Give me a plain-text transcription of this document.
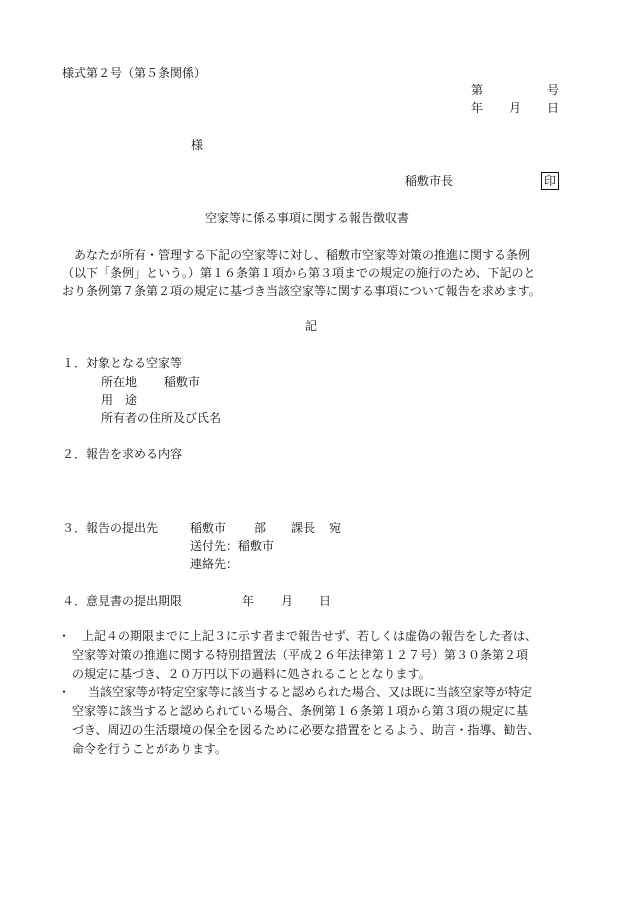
様式第２号（第５条関係）
第	号
年 月 日
様
稲敷市長	印
空家等に係る事項に関する報告徴収書
　あなたが所有・管理する下記の空家等に対し、稲敷市空家等対策の推進に関する条例
（以下「条例」という。）第１６条第１項から第３項までの規定の施行のため、下記のと
おり条例第７条第２項の規定に基づき当該空家等に関する事項について報告を求めます。
記
１．対象となる空家等
所在地 稲敷市
用　途
所有者の住所及び氏名
２．報告を求める内容
３．報告の提出先	稲敷市 部 課長 宛
送付先：稲敷市
連絡先：
４．意見書の提出期限	年 月 日
・ 上記４の期限までに上記３に示す者まで報告せず、若しくは虚偽の報告をした者は、
空家等対策の推進に関する特別措置法（平成２６年法律第１２７号）第３０条第２項
の規定に基づき、２０万円以下の過料に処されることとなります。
・	当該空家等が特定空家等に該当すると認められた場合、又は既に当該空家等が特定
空家等に該当すると認められている場合、条例第１６条第１項から第３項の規定に基
づき、周辺の生活環境の保全を図るために必要な措置をとるよう、助言・指導、勧告、
命令を行うことがあります。
